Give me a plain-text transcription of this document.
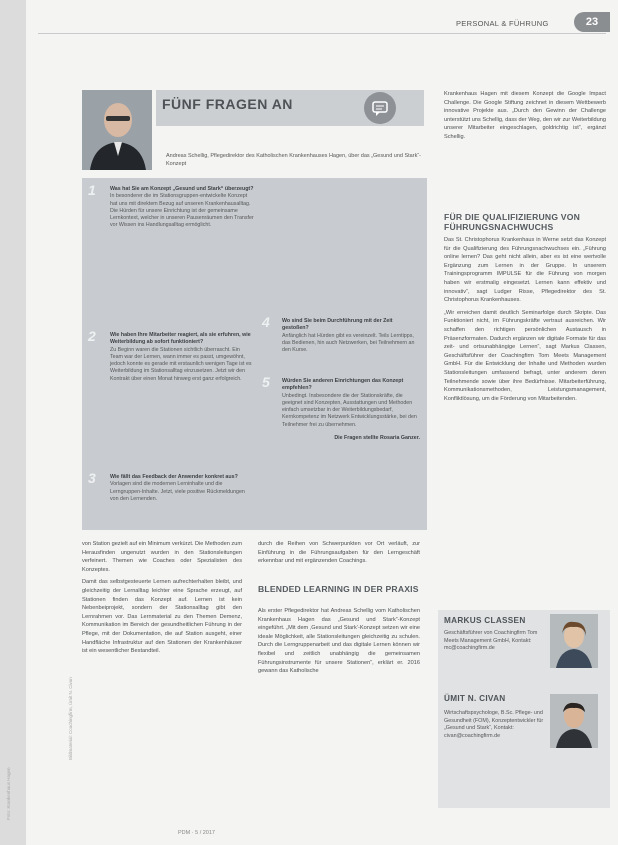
PERSONAL & FÜHRUNG	23
FÜNF FRAGEN AN
Andreas Schellig, Pflegedirektor des Katholischen Krankenhauses Hagen, über das „Gesund und Stark“-Konzept
1	Was hat Sie am Konzept „Gesund und Stark“ überzeugt?
In besonderer die im Stationsgruppen-entwickelte Konzept hat uns mit direktem Bezug auf unseren Krankenhausalltag. Die Hürden für unsere Einrichtung ist der gemeinsame Lernkontext, welcher in unseren Pausenräumen den Transfer vor Wissen ins Handlungsalltag ermöglicht.
2	Wie haben Ihre Mitarbeiter reagiert, als sie erfuhren, wie Weiterbildung ab sofort funktioniert?
Zu Beginn waren die Stationen sichtlich überrascht. Ein Team war der Lernen, wann immer es passt, umgewöhnt, jedoch konnte es gerade mit erstaunlich wenigen Tage ist es Weiterbildung im Stationsalltag einzusetzen. Jetzt wir den Kontrakt über einen Monat hinweg erst ganz erfolgreich.
3	Wie fällt das Feedback der Anwender konkret aus?
Vorlagen sind die modernen Lerninhalte und die Lerngruppen-Inhalte. Jetzt, viele positive Rückmeldungen von den Lernenden.
4 Wo sind Sie beim Durchführung mit der Zeit gestoßen?
Anfänglich hat Hürden gibt es vereinzelt. Teils Lerntipps, das Bedienen, hin auch Netzwerken, bei Teilnehmern an den Kurse.
5 Würden Sie anderen Einrichtungen das Konzept empfehlen?
Unbedingt. Insbesondere die der Stationskräfte, die geeignet sind Konzepten, Ausstattungen und Methoden einfach umsetzbar in der Weiterbildungsbedarf, Kernkompetenz im Netzwerk Entwicklungsstärke, bei den Teilnehmer frei zu übernehmen.
Die Fragen stellte Rosaria Ganzer.

von Station gezielt auf ein Minimum verkürzt. Die Methoden zum Herausfinden ungenutzt wurden in den Stationsleitungen verfeinert. Themen wie Coaches oder Spezialisten des Konzeptes.

Damit das selbstgesteuerte Lernen aufrechterhalten bleibt, und gleichzeitig der Lernalltag leichter eine Sprache erzeugt, auf Stationen finden das Konzept auf. Lernen ist kein Nebenbeiprojekt, sondern der Stationsalltag gibt den Lernrahmen vor. Das Lernmaterial zu den Themen Demenz, Kommunikation im Bereich der gesundheitlichen Führung in der Pflege, mit der Dokumentation, die auf Station ausgeht, einer Handfläche Infrastruktur auf den Stationen der Krankenhäuser ist ein wesentlicher Bestandteil.

durch die Reihen von Schwerpunkten vor Ort verläuft, zur Einführung in die Führungsaufgaben für den Lerngeschäft erkennbar und mit ergänzenden Coachings.

BLENDED LEARNING IN DER PRAXIS

Als erster Pflegedirektor hat Andreas Schellig vom Katholischen Krankenhaus Hagen das „Gesund und Stark“-Konzept eingeführt. „Mit dem ‚Gesund und Stark‘-Konzept setzen wir eine ideale Möglichkeit, alle Stationsleitungen gleichzeitig zu schulen. Durch die Lerngruppenarbeit und das digitale Lernen können wir flexibel und zeitlich unabhängig die gemeinsamen Führungsinstrumente für unsere Stationen“, erklärt er. 2016 gewann das Katholische

Krankenhaus Hagen mit diesem Konzept die Google Impact Challenge. Die Google Stiftung zeichnet in diesem Wettbewerb innovative Projekte aus. „Durch den Gewinn der Challenge unterstützt uns Schellig, dass der Weg, den wir zur Weiterbildung unserer Mitarbeiter eingeschlagen, goldrichtig ist“, ergänzt Schellig.

FÜR DIE QUALIFIZIERUNG VON FÜHRUNGSNACHWUCHS

Das St. Christophorus Krankenhaus in Werne setzt das Konzept für die Qualifizierung des Führungsnachwuchses ein. „Führung online lernen? Das geht nicht allein, aber es ist eine wertvolle Ergänzung zum Lernen in der Gruppe. In unserem Trainingsprogramm IMPULSE für die Führung von morgen haben wir erstmalig eingesetzt. Lernen kann effektiv und innovativ“, sagt Ludger Risse, Pflegedirektor des St. Christophorus Krankenhauses.

„Wir erreichen damit deutlich Seminarfolge durch Skripte. Das Funktioniert nicht, im Führungskräfte vertraut ausreichen. Wir schaffen den richtigen persönlichen Austausch in Präsenzformaten. Dadurch ergänzen wir digitale Formate für das zeit- und ortsunabhängige Lernen“, sagt Markus Classen, Geschäftsführer der Coachingfirm Tom Meets Management GmbH. Für die Entwicklung der Inhalte und Methoden wurden Stationsleitungen umfassend befragt, unter anderem deren Teilnehmende sowie über ihre Bedürfnisse. Mitarbeiterführung, Kommunikationsmethoden, Leistungsmanagement, Konfliktlösung, um die Förderung von Mitarbeitenden.

MARKUS CLASSEN
Geschäftsführer von Coachingfirm Tom Meets Management GmbH, Kontakt: mc@coachingfirm.de
ÜMIT N. CIVAN
Wirtschaftspsychologe, B.Sc. Pflege- und Gesundheit (FOM), Konzeptentwickler für „Gesund und Stark“, Kontakt: civan@coachingfirm.de
PDM · 5 / 2017
Foto: Krankenhaus Hagen
Bildmaterial: Coachingfirm, Ümit N. Civan
